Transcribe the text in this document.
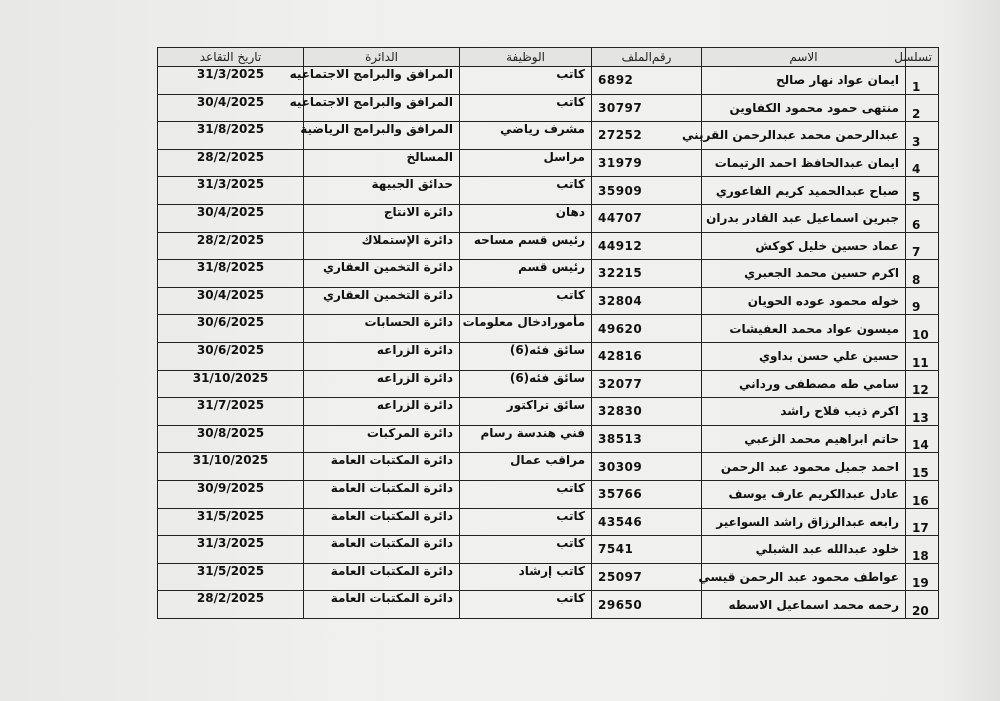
تسلسل	الاسم	رقم‌الملف	الوظيفة	الدائرة	تاريخ التقاعد
1	ايمان عواد نهار صالح	6892	كاتب	المرافق والبرامج الاجتماعيه	31/3/2025
2	منتهى حمود محمود الكفاوين	30797	كاتب	المرافق والبرامج الاجتماعيه	30/4/2025
3	عبدالرحمن محمد عبدالرحمن القريني	27252	مشرف رياضي	المرافق والبرامج الرياضية	31/8/2025
4	ايمان عبدالحافظ احمد الرتيمات	31979	مراسل	المسالخ	28/2/2025
5	صباح عبدالحميد كريم الفاعوري	35909	كاتب	حدائق الجبيهة	31/3/2025
6	جبرين اسماعيل عبد القادر بدران	44707	دهان	دائرة الانتاج	30/4/2025
7	عماد حسين خليل كوكش	44912	رئيس قسم مساحه	دائرة الإستملاك	28/2/2025
8	اكرم حسين محمد الجعبري	32215	رئيس قسم	دائرة التخمين العقاري	31/8/2025
9	خوله محمود عوده الحويان	32804	كاتب	دائرة التخمين العقاري	30/4/2025
10	ميسون عواد محمد العفيشات	49620	مأموراد‌خال معلومات	دائرة الحسابات	30/6/2025
11	حسين علي حسن بداوي	42816	سائق فئه(6)	دائرة الزراعه	30/6/2025
12	سامي طه مصطفى ورداني	32077	سائق فئه(6)	دائرة الزراعه	31/10/2025
13	اكرم ذيب فلاح راشد	32830	سائق تراكتور	دائرة الزراعه	31/7/2025
14	حاتم ابراهيم محمد الزعبي	38513	فني هندسة رسام	دائرة المركبات	30/8/2025
15	احمد جميل محمود عبد الرحمن	30309	مراقب عمال	دائرة المكتبات العامة	31/10/2025
16	عادل عبدالكريم عارف يوسف	35766	كاتب	دائرة المكتبات العامة	30/9/2025
17	رابعه عبدالرزاق راشد السواعير	43546	كاتب	دائرة المكتبات العامة	31/5/2025
18	خلود عبدالله عبد الشبلي	7541	كاتب	دائرة المكتبات العامة	31/3/2025
19	عواطف محمود عبد الرحمن قيسي	25097	كاتب إرشاد	دائرة المكتبات العامة	31/5/2025
20	رحمه محمد اسماعيل الاسطه	29650	كاتب	دائرة المكتبات العامة	28/2/2025
